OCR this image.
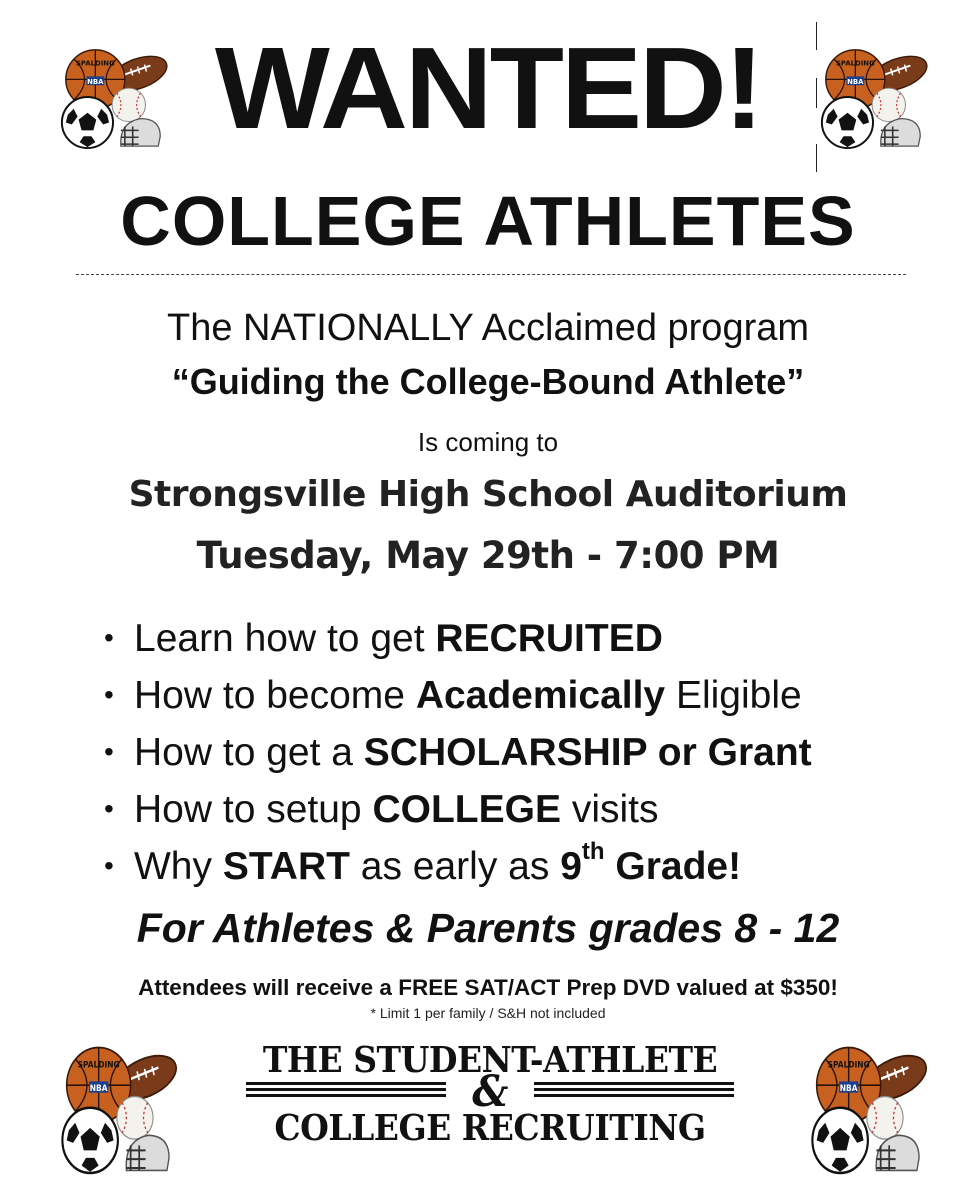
SPALDING
NBA
SPALDING
NBA
WANTED!
COLLEGE ATHLETES
The NATIONALLY Acclaimed program
“Guiding the College-Bound Athlete”
Is coming to
Strongsville High School Auditorium
Tuesday, May 29th - 7:00 PM
• Learn how to get RECRUITED
• How to become Academically Eligible
• How to get a SCHOLARSHIP or Grant
• How to setup COLLEGE visits
• Why START as early as 9th Grade!
For Athletes & Parents grades 8 - 12
Attendees will receive a FREE SAT/ACT Prep DVD valued at $350!
* Limit 1 per family / S&H not included
SPALDING
NBA
SPALDING
NBA
THE STUDENT-ATHLETE
&
COLLEGE RECRUITING
